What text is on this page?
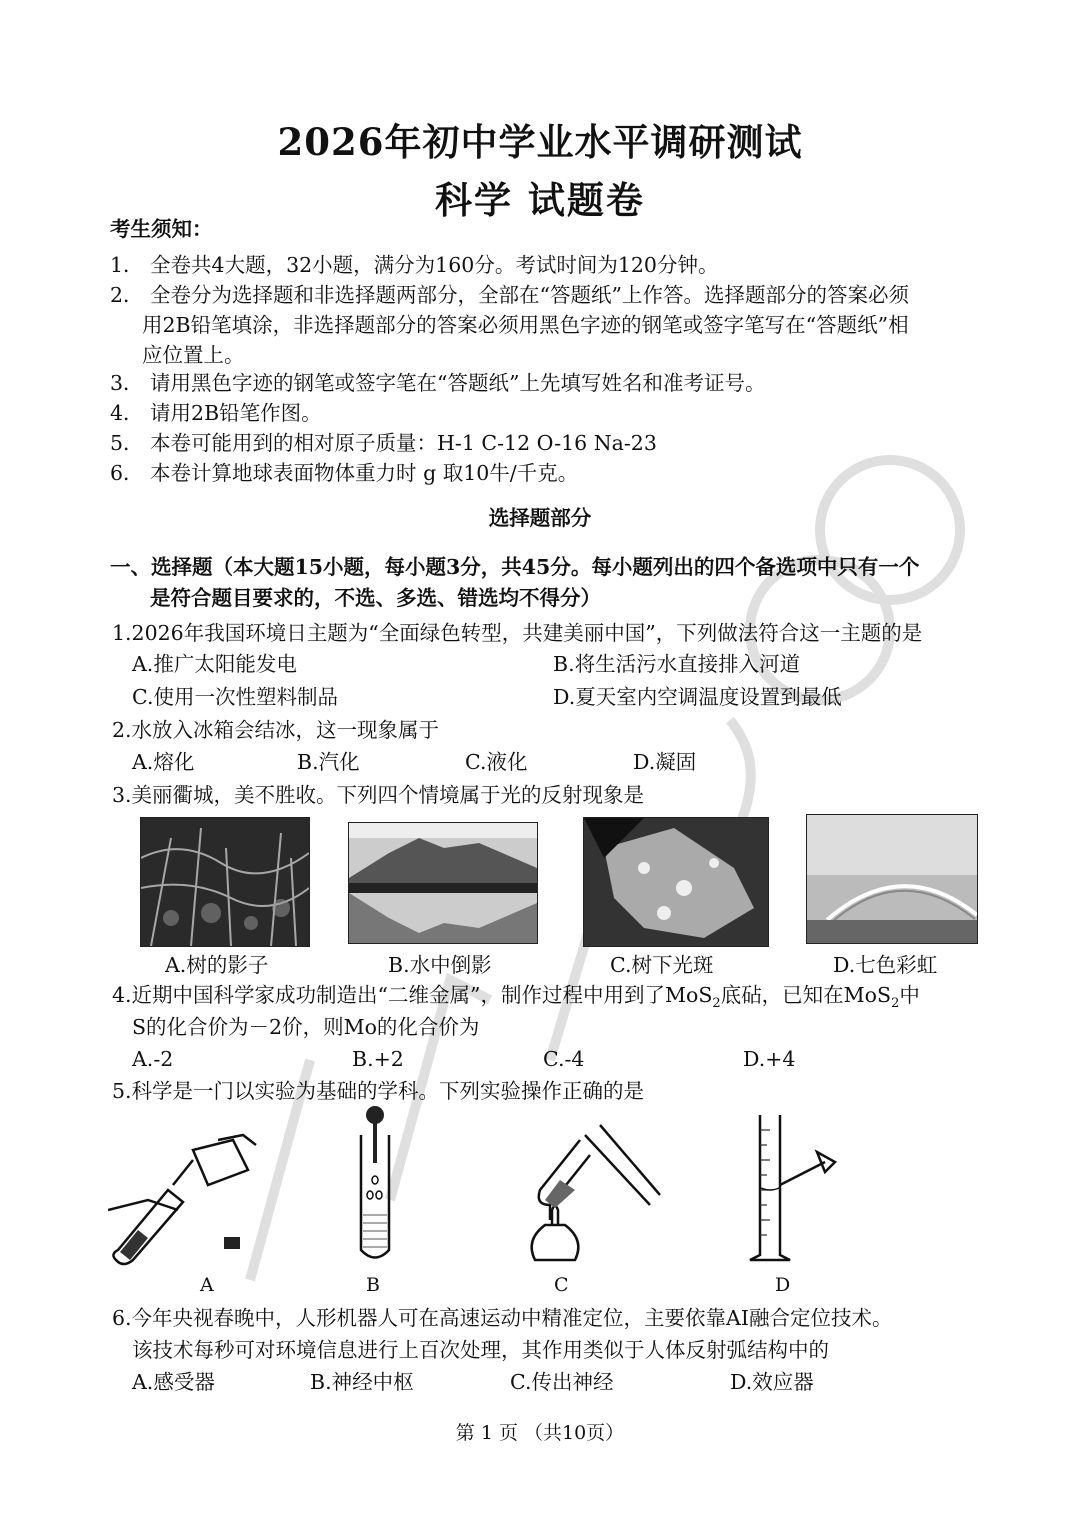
2026年初中学业水平调研测试
科学 试题卷
考生须知：
1． 全卷共4大题，32小题，满分为160分。考试时间为120分钟。
2． 全卷分为选择题和非选择题两部分，全部在“答题纸”上作答。选择题部分的答案必须
用2B铅笔填涂，非选择题部分的答案必须用黑色字迹的钢笔或签字笔写在“答题纸”相
应位置上。
3． 请用黑色字迹的钢笔或签字笔在“答题纸”上先填写姓名和准考证号。
4． 请用2B铅笔作图。
5． 本卷可能用到的相对原子质量：H-1 C-12 O-16 Na-23
6． 本卷计算地球表面物体重力时 g 取10牛/千克。
选择题部分
一、选择题（本大题15小题，每小题3分，共45分。每小题列出的四个备选项中只有一个
是符合题目要求的，不选、多选、错选均不得分）
1.2026年我国环境日主题为“全面绿色转型，共建美丽中国”，下列做法符合这一主题的是
A.推广太阳能发电	B.将生活污水直接排入河道
C.使用一次性塑料制品	D.夏天室内空调温度设置到最低
2.水放入冰箱会结冰，这一现象属于
A.熔化	B.汽化	C.液化	D.凝固
3.美丽衢城，美不胜收。下列四个情境属于光的反射现象是
A.树的影子	B.水中倒影	C.树下光斑	D.七色彩虹
4.近期中国科学家成功制造出“二维金属”，制作过程中用到了MoS$_2$底砧，已知在MoS$_2$中
S的化合价为－2价，则Mo的化合价为
A.-2	B.+2	C.-4	D.+4
5.科学是一门以实验为基础的学科。下列实验操作正确的是
A	B	C	D
6.今年央视春晚中，人形机器人可在高速运动中精准定位，主要依靠AI融合定位技术。
该技术每秒可对环境信息进行上百次处理，其作用类似于人体反射弧结构中的
A.感受器	B.神经中枢	C.传出神经	D.效应器
第 1 页 （共10页）
